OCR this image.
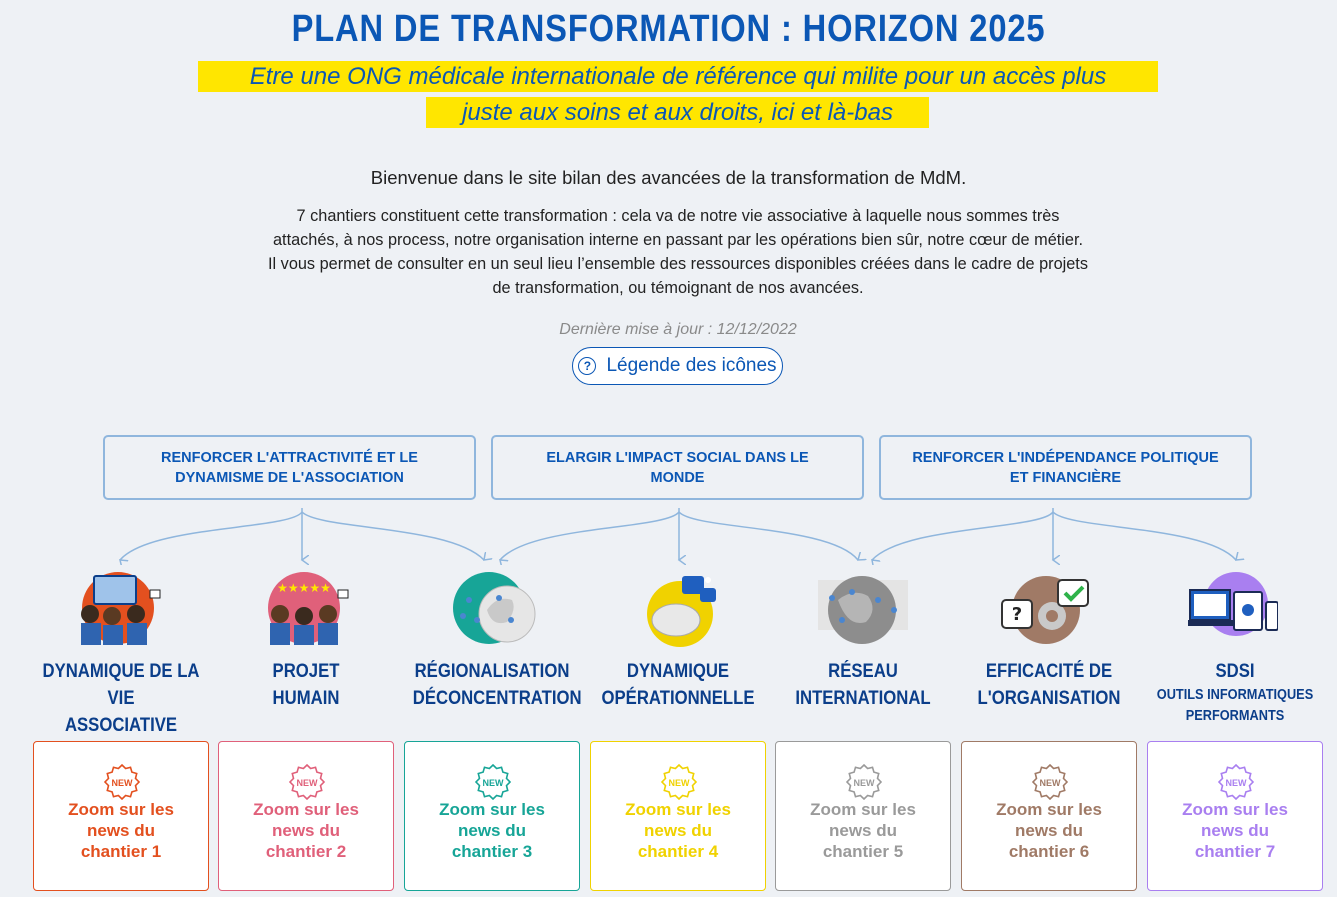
PLAN DE TRANSFORMATION : HORIZON 2025
Etre une ONG médicale internationale de référence qui milite pour un accès plus
juste aux soins et aux droits, ici et là-bas
Bienvenue dans le site bilan des avancées de la transformation de MdM.
7 chantiers constituent cette transformation : cela va de notre vie associative à laquelle nous sommes très attachés, à nos process, notre organisation interne en passant par les opérations bien sûr, notre cœur de métier. Il vous permet de consulter en un seul lieu l’ensemble des ressources disponibles créées dans le cadre de projets de transformation, ou témoignant de nos avancées.
Dernière mise à jour : 12/12/2022
? Légende des icônes
RENFORCER L'ATTRACTIVITÉ ET LE DYNAMISME DE L'ASSOCIATION
ELARGIR L'IMPACT SOCIAL DANS LE MONDE
RENFORCER L'INDÉPENDANCE POLITIQUE ET FINANCIÈRE
★★★★★
?
DYNAMIQUE DE LA VIE
ASSOCIATIVE
PROJET
HUMAIN
RÉGIONALISATION
DÉCONCENTRATION
DYNAMIQUE
OPÉRATIONNELLE
RÉSEAU
INTERNATIONAL
EFFICACITÉ DE
L'ORGANISATION
SDSI
OUTILS INFORMATIQUES
PERFORMANTS
NEW
Zoom sur les news du chantier 1
NEW
Zoom sur les news du chantier 2
NEW
Zoom sur les news du chantier 3
NEW
Zoom sur les news du chantier 4
NEW
Zoom sur les news du chantier 5
NEW
Zoom sur les news du chantier 6
NEW
Zoom sur les news du chantier 7
